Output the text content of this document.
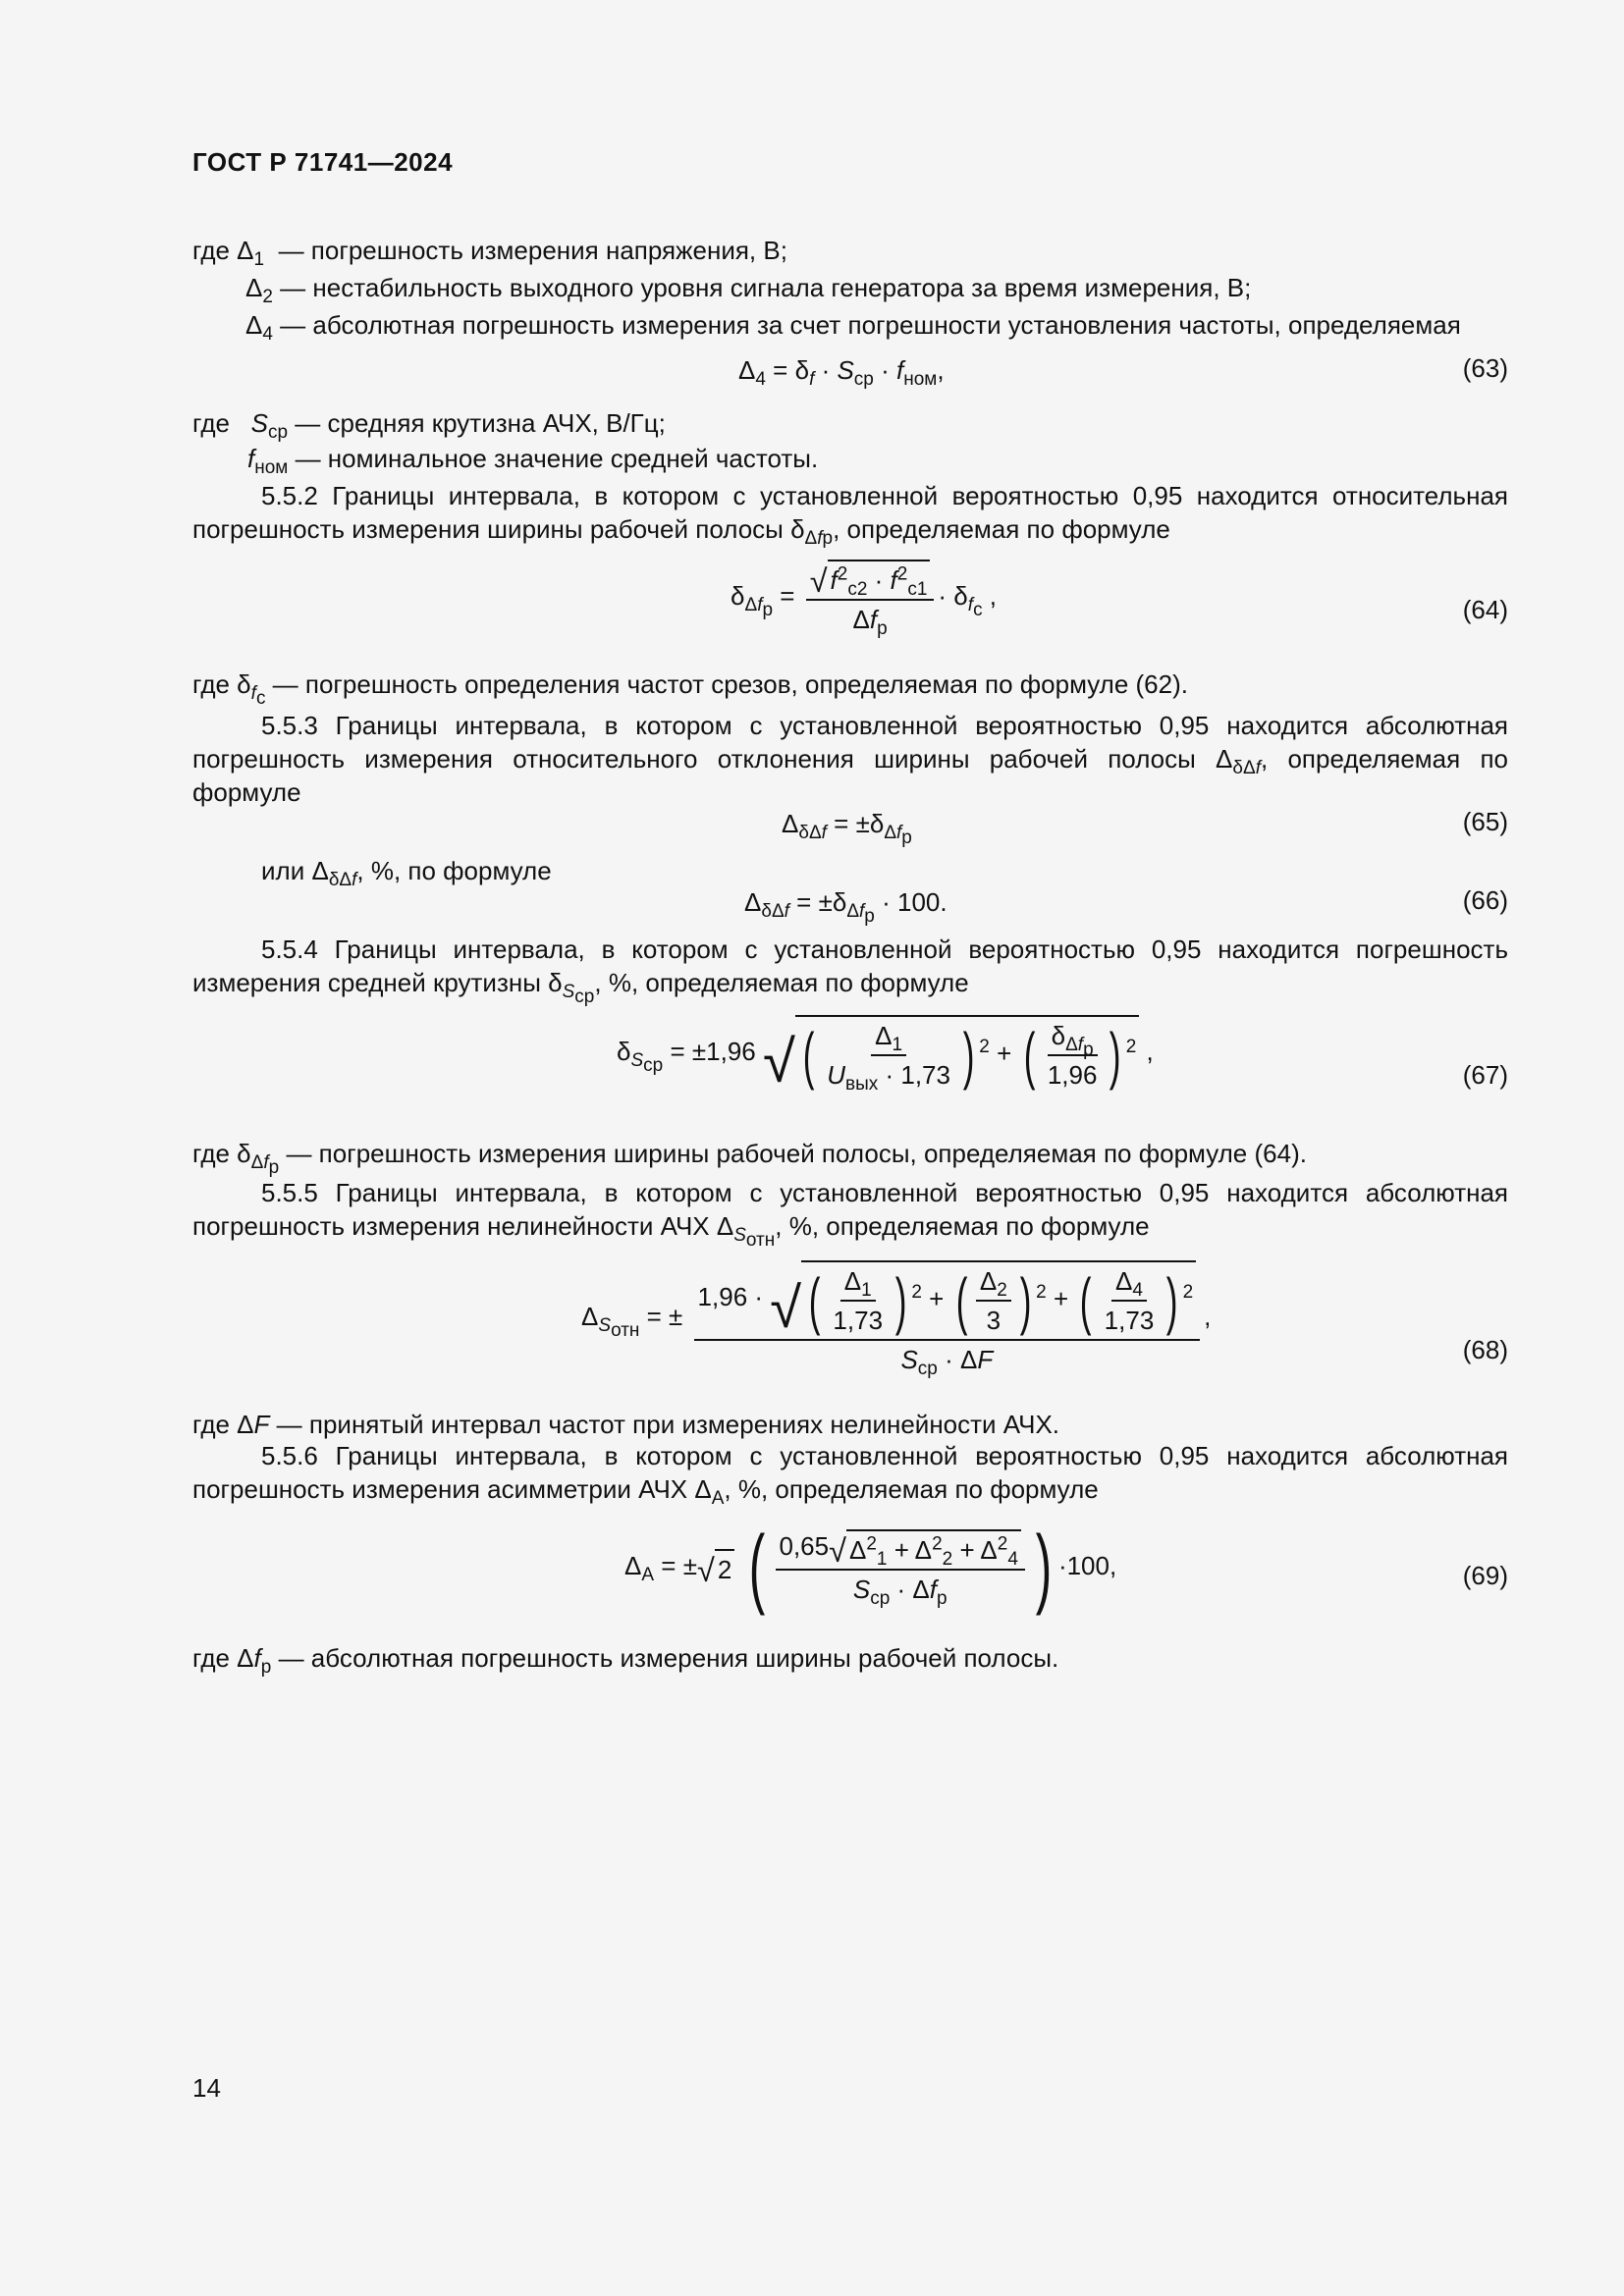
ГОСТ Р 71741—2024
где $\Delta_1$  — погрешность измерения напряжения, В;
$\Delta_2$ — нестабильность выходного уровня сигнала генератора за время измерения, В;
$\Delta_4$ — абсолютная погрешность измерения за счет погрешности установления частоты, определяемая
$\Delta_4 = \delta_f \cdot S_{ср} \cdot f_{ном}$,	(63)
где   $S_{ср}$ — средняя крутизна АЧХ, В/Гц;
$f_{ном}$ — номинальное значение средней частоты.
5.5.2 Границы интервала, в котором с установленной вероятностью 0,95 находится относительная погрешность измерения ширины рабочей полосы $\delta_{\Delta fр}$, определяемая по формуле
$\delta_{\Delta f_р} = \frac{√ f^2_{с2} \cdot f^2_{с1}}{\Delta f_р} \cdot \delta_{f_с}$ ,	(64)
где $\delta_{f_с}$ — погрешность определения частот срезов, определяемая по формуле (62).
5.5.3 Границы интервала, в котором с установленной вероятностью 0,95 находится абсолютная погрешность измерения относительного отклонения ширины рабочей полосы $\Delta_{\delta\Delta f}$, определяемая по формуле
$\Delta_{\delta\Delta f} = \pm\delta_{\Delta f_р}$
(65)
или $\Delta_{\delta\Delta f}$, %, по формуле
$\Delta_{\delta\Delta f} = \pm\delta_{\Delta f_р} \cdot 100$.	(66)
5.5.4 Границы интервала, в котором с установленной вероятностью 0,95 находится погрешность измерения средней крутизны $\delta_{S_{ср}}$, %, определяемая по формуле
$\delta_{S_{ср}} = \pm 1,96$ √ ( $\frac{\Delta_1}{U_{вых} \cdot 1,73}$ ) $^2$ + ( $\frac{\delta_{\Delta f_р}}{1,96}$ ) $^2$ ,
(67)
где $\delta_{\Delta f_р}$ — погрешность измерения ширины рабочей полосы, определяемая по формуле (64).
5.5.5 Границы интервала, в котором с установленной вероятностью 0,95 находится абсолютная погрешность измерения нелинейности АЧХ $\Delta_{S_{отн}}$, %, определяемая по формуле
$\Delta_{S_{отн}}$ = ±
1,96 · √ ( $\frac{\Delta_1}{1,73}$ ) $^2$ + ( $\frac{\Delta_2}{3}$ ) $^2$ + ( $\frac{\Delta_4}{1,73}$ ) $^2$
$S_{ср} \cdot \Delta F$
,
(68)
где ΔF — принятый интервал частот при измерениях нелинейности АЧХ.
5.5.6 Границы интервала, в котором с установленной вероятностью 0,95 находится абсолютная погрешность измерения асимметрии АЧХ $\Delta_А$, %, определяемая по формуле
$\Delta_А$ = ± √ 2
( $\frac{0,65 √ \Delta^2_1 + \Delta^2_2 + \Delta^2_4}{S_{ср} \cdot \Delta f_р}$ ) ·100,	(69)
где $\Delta f_р$ — абсолютная погрешность измерения ширины рабочей полосы.
14
